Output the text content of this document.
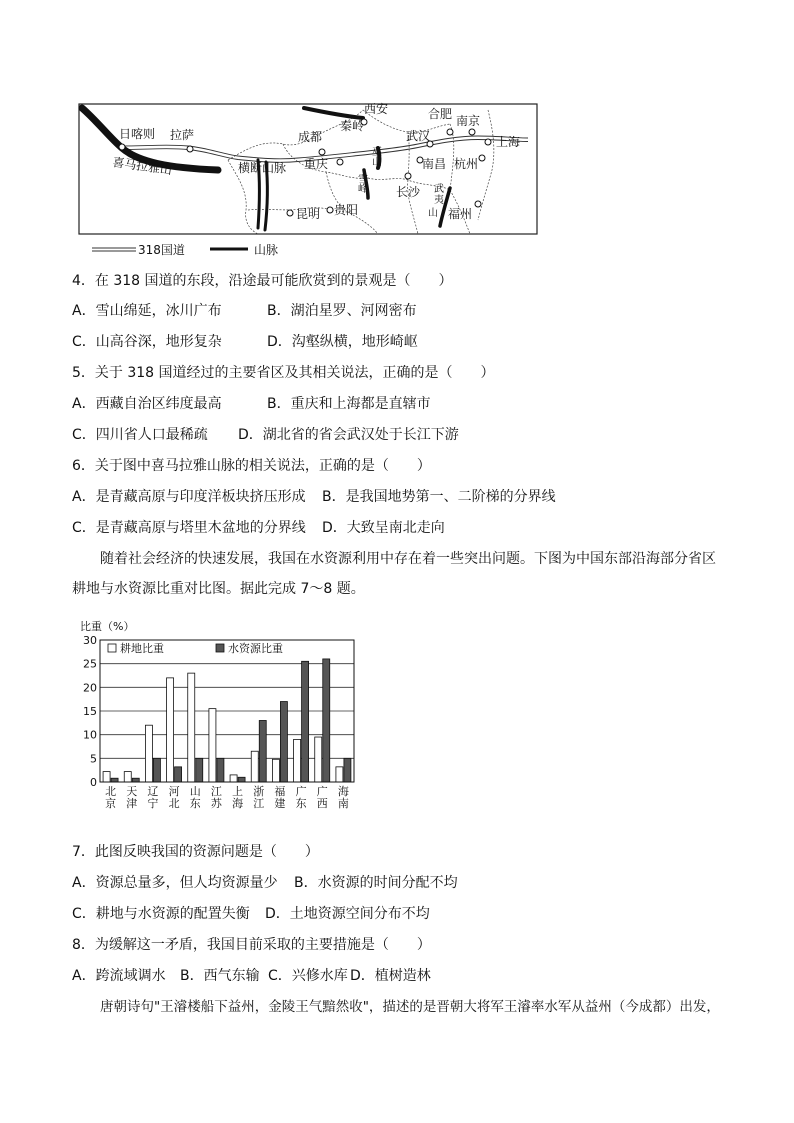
西安
秦岭
合肥 南京
日喀则 拉萨	成都	武汉	上海
喜马拉雅山	横断山脉 重庆
巫
山
雪
峰
南昌 杭州
长沙 武
夷
山 福州
昆明 贵阳
318国道	山脉
4．在 318 国道的东段，沿途最可能欣赏到的景观是（　　）
A．雪山绵延，冰川广布	B．湖泊星罗、河网密布
C．山高谷深，地形复杂	D．沟壑纵横，地形崎岖
5．关于 318 国道经过的主要省区及其相关说法，正确的是（　　）
A．西藏自治区纬度最高	B．重庆和上海都是直辖市
C．四川省人口最稀疏 D．湖北省的省会武汉处于长江下游
6．关于图中喜马拉雅山脉的相关说法，正确的是（　　）
A．是青藏高原与印度洋板块挤压形成 B．是我国地势第一、二阶梯的分界线
C．是青藏高原与塔里木盆地的分界线 D．大致呈南北走向
随着社会经济的快速发展，我国在水资源利用中存在着一些突出问题。下图为中国东部沿海部分省区耕地与水资源比重对比图。据此完成 7～8 题。
比重（%）
0
5
10
15
20
25
30
北
京
天
津
辽
宁
河
北
山
东
江
苏
上
海
浙
江
福
建
广
东
广
西
海
南
耕地比重	水资源比重
7．此图反映我国的资源问题是（　　）
A．资源总量多，但人均资源量少 B．水资源的时间分配不均
C．耕地与水资源的配置失衡 D．土地资源空间分布不均
8．为缓解这一矛盾，我国目前采取的主要措施是（　　）
A．跨流域调水 B．西气东输 C．兴修水库 D．植树造林
唐朝诗句"王濬楼船下益州，金陵王气黯然收"，描述的是晋朝大将军王濬率水军从益州（今成都）出发，
